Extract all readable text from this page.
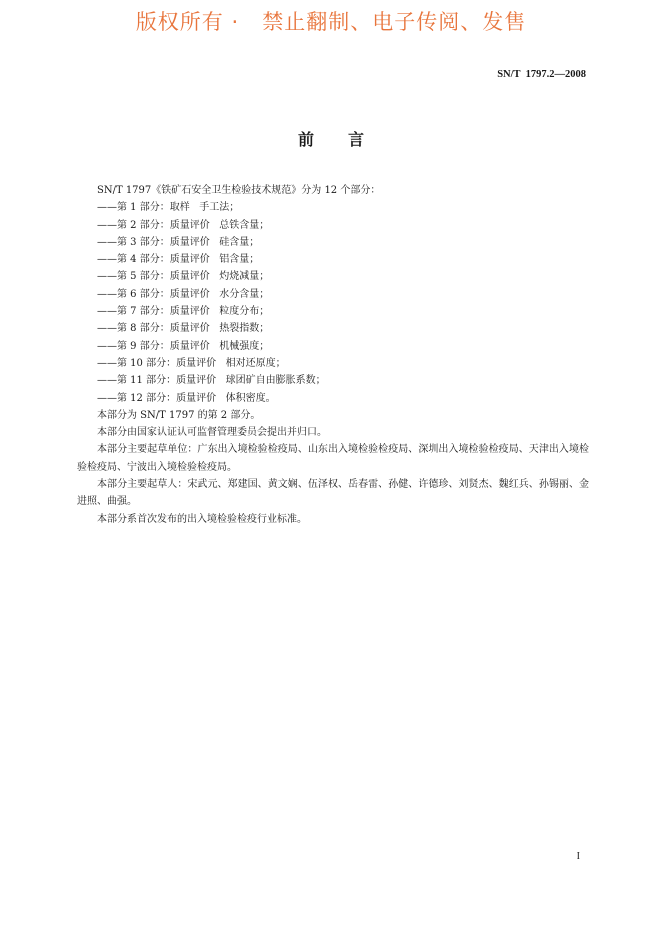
版权所有 ·   禁止翻制、电子传阅、发售
SN/T  1797.2—2008
前言

SN/T 1797《铁矿石安全卫生检验技术规范》分为 12 个部分：

——第 1 部分：取样   手工法；

——第 2 部分：质量评价   总铁含量；

——第 3 部分：质量评价   硅含量；

——第 4 部分：质量评价   铝含量；

——第 5 部分：质量评价   灼烧减量；

——第 6 部分：质量评价   水分含量；

——第 7 部分：质量评价   粒度分布；

——第 8 部分：质量评价   热裂指数；

——第 9 部分：质量评价   机械强度；

——第 10 部分：质量评价   相对还原度；

——第 11 部分：质量评价   球团矿自由膨胀系数；

——第 12 部分：质量评价   体积密度。

本部分为 SN/T 1797 的第 2 部分。

本部分由国家认证认可监督管理委员会提出并归口。

本部分主要起草单位：广东出入境检验检疫局、山东出入境检验检疫局、深圳出入境检验检疫局、天津出入境检验检疫局、宁波出入境检验检疫局。

本部分主要起草人：宋武元、郑建国、黄文娴、伍泽权、岳春雷、孙健、许德珍、刘贤杰、魏红兵、孙锡丽、金进照、曲强。

本部分系首次发布的出入境检验检疫行业标准。

I
